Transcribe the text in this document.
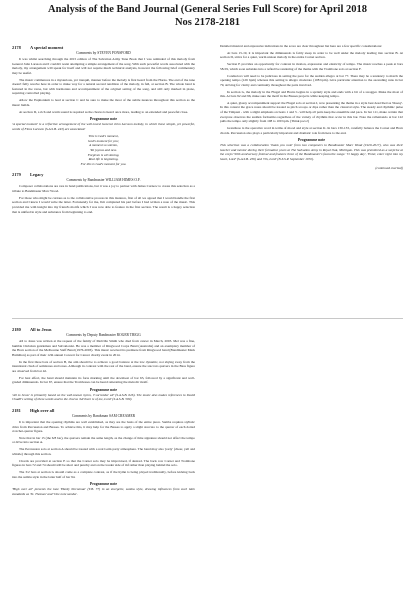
Analysis of the Band Journal (General Series Full Score) for April 2018
Nos 2178-2181
2178 A special moment
Comments by STEVEN PONSFORD

It was whilst searching through the 2015 edition of The Salvation Army Tune Book that I was reminded of this melody from General John Larsson and I couldn't resist attempting a simple arrangement of the song. With such powerful words associated with the melody, my arrangement will speak for itself and will not require much technical analysis, however the following brief commentary may be useful.

The music commences in a mysterious, yet tranquil, manner before the melody is first heard from the Horns. The end of the tune doesn't fully resolve here in order to make way for a natural second rendition of the melody, in full, at section B. The whole band is featured in the verse, but with harmonies and accompaniment of the original setting of the song, and still only marked in piano, requiring controlled playing.

Allow the Euphonium to lead at section C and be sure to make the most of the subtle nuances throughout this section as the music builds.

At section D, a rich and warm sound is required as the chorus is heard once more, leading to an extended and peaceful close.

Programme note

'A special moment' is a reflective arrangement of the well-loved General John Larsson melody, in which these simple, yet powerful, words of Flora Larsson (S.A.S.B. 443) are associated:

This is God's moment,
God's moment for you;
A moment so solemn,
Yet joyous and new.
Forgiven is all sinning,
Real life is beginning,
For this is God's moment for you.
2179 Legacy
Comments by Bandmaster WILLIAM HIMES O.F.

Composer collaborations are rare in band publications, but it was a joy to partner with James Curnow to create this selection as a tribute to Bandmaster Marc Wood.

For those who might be curious as to the collaborative process in this instance, first of all we agreed that I would handle the first section and I knew I would write the latter. Fortunately for me, Jim completed his part before I had written a note of the music. This provided me with insight into my friend's motifs which I was now able to feature in the first section. The result is a happy selection that is unified in style and substance from beginning to end.

Detailed musical and expressive indications in the score are clear throughout but here are a few specific considerations:

At bars 15-19, it is important the diminuendo is fairly steep in order to be well under the melody leading into section B. At section D, strive for a quiet, warm unison melody in the entire Cornet section.

Section E provides an opportunity for contrast in motion, expression and elasticity of tempo. The music reaches a peak at bars 58-59, which soon subsides into a reflective rendering of the theme with the Trombone solo at section F.

Conductors will need to be judicious in setting the pace for the sudden allegro at bar 77. There may be a tendency to match the opening tempo (126 bpm) whereas this setting is allegro moderato (108 bpm). Give particular attention to the ascending runs in bar 79, striving for clarity and continuity throughout the parts involved.

In section G, the melody in the Flugel and Horns begins in a spritely style and ends with a bit of a swagger. Make the most of this. At bars 92 and 96, make sure the motif in the Basses projects while keeping tempo.

A quiet, glassy accompaniment support the Flugel solo at section I, now presenting the theme in a style best described as 'bluesy'. In this context the grace notes should be treated as pitch scoops or dips rather than the classical style. The steady and rhythmic pulse of the Timpani - with a slight emphasis on beats 1 and 3 - will help all parts keep the ensemble and pace. In bar 111, make certain that everyone observes the sudden fortissimo regardless of the variety of rhythms that occur in this bar. Note the rallentando at bar 122 pulls the tempo only slightly from 108 to 100 bpm. (Think poco!)

Grandioso is the operative word in terms of mood and style at section K. In bars 130-133, carefully balance the Cornet and Horn chords. Percussion also plays a particularly important and dramatic role from here to the end.

Programme note

This selection was a collaboration 'thank you note' from two composers to Bandmaster Marc Wood (1929-2017), who was their teacher and mentor during their formative years at The Salvation Army in Royal Oak, Michigan. This was premièred as a surprise at the corps' 90th anniversary festival and features three of the Bandmaster's favourite songs: 'O happy day', 'Enter, enter right into my heart, Lord' (S.A.S.B. 456) and 'Oh, Lord' (N.S.S.P. September 1972).

(continued overleaf)
2180 All to Jesus
Comments by Deputy Bandmaster ROGER TRIGG

All to Jesus was written at the request of the family of Melville Smith who died from cancer in March, 2003. Mel was a fine, humble Christian gentleman and Salvationist. He was a member of Ringwood Corps Band (Australia) and an exemplary member of the Horn section of the Melbourne Staff Band (1976-2003). This music received its premiere from Ringwood band (Bandmaster Mark Hamilton) as part of their 12th annual Concert for Cancer charity event in 2014.

In the first three bars of section B, the aim should be to achieve a good balance at the low dynamic, not shying away from the intentional clash of semitones and tones. Although in contrast with the rest of the band, ensure the staccato quavers in the Bass figure are observed from bar 42.

For best effect, the band should maintain its forte marking until the downbeat of bar 63, followed by a significant and well-graded diminuendo. In bar 67, ensure that the Trombones can be heard reiterating the melodic motif.

Programme note

'All to Jesus' is primarily based on the well-known hymn, 'I surrender all' (S.A.S.B. 626). The music also makes references to David Chadli's setting of these words and to the chorus 'All there is of me, Lord' (S.A.S.B. 509).

2181 High over all
Comments by Bandsman SAM CREAMER

It is important that the opening rhythms are well established, as they are the basis of the entire piece. Samba requires stylistic drive from Percussion and Basses. To achieve this, it may help for the Basses to apply a slight staccato to the quaver of each dotted crotchet-quaver figure.

Note that in bar 15 (the 6/8 bar), the quavers remain the same length, as the change of time signature should not affect the tempo or drive into section A.

The Percussion solo at section A should be treated with a real Latin party atmosphere. The band may also 'party' (cheer, yell and whistle) through this section.

Chords are provided at section E so that the Cornet solo may be improvised, if desired. The back row Cornet and Trombone figures in bars 72 and 74 should still be short and punchy and on the louder side of mf rather than playing behind the solo.

The 3/2 bars at section G should come as a complete contrast, as if the hymn is being played traditionally, before kicking back into the samba style in the latter half of bar 94.

Programme note

'High over all' presents the tune 'Hardy Norseman' (T.B. 77) in an energetic, samba style, drawing influences from such latin standards as 'St. Thomas' and 'One note samba'.
